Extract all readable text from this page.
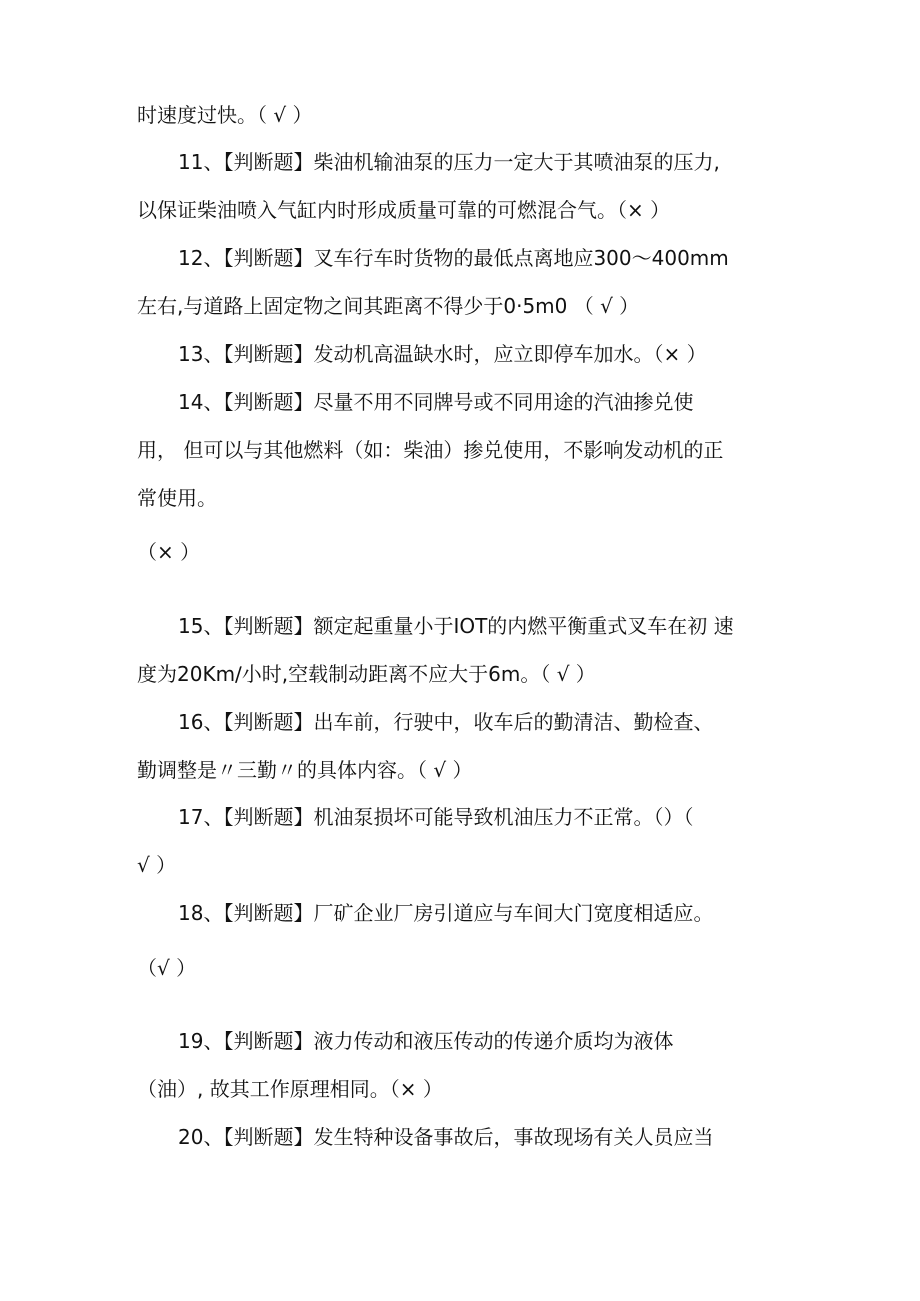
时速度过快。（ √ ）
11、【判断题】柴油机输油泵的压力一定大于其喷油泵的压力,
以保证柴油喷入气缸内时形成质量可靠的可燃混合气。（× ）
12、【判断题】叉车行车时货物的最低点离地应300～400mm
左右,与道路上固定物之间其距离不得少于0·5m0 （ √ ）
13、【判断题】发动机高温缺水时，应立即停车加水。（× ）
14、【判断题】尽量不用不同牌号或不同用途的汽油掺兑使
用， 但可以与其他燃料（如：柴油）掺兑使用，不影响发动机的正
常使用。
（× ）
15、【判断题】额定起重量小于IOT的内燃平衡重式叉车在初 速
度为20Km∕小时,空载制动距离不应大于6m。（ √ ）
16、【判断题】出车前，行驶中，收车后的勤清洁、勤检查、
勤调整是〃三勤〃的具体内容。（ √ ）
17、【判断题】机油泵损坏可能导致机油压力不正常。（）（
√ ）
18、【判断题】厂矿企业厂房引道应与车间大门宽度相适应。
（√ ）
19、【判断题】液力传动和液压传动的传递介质均为液体
（油）, 故其工作原理相同。（× ）
20、【判断题】发生特种设备事故后，事故现场有关人员应当
